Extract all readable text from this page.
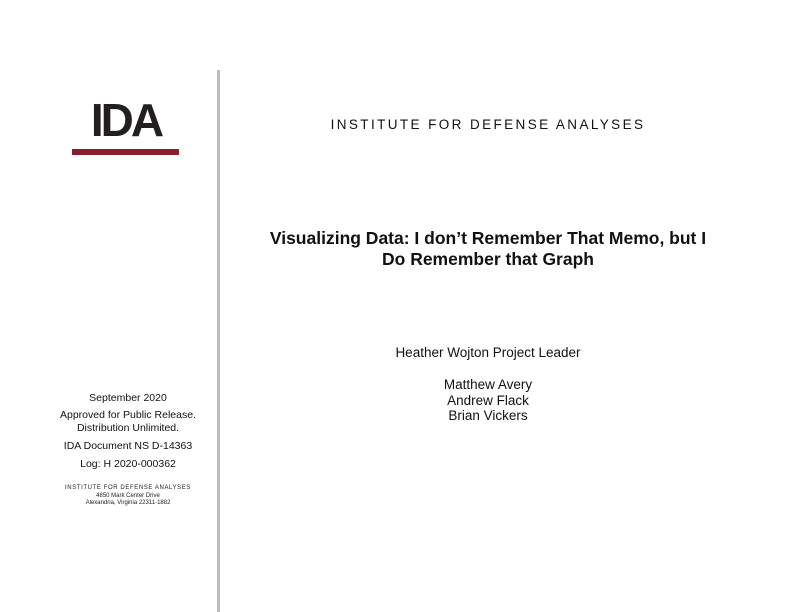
IDA
September 2020
Approved for Public Release.
Distribution Unlimited.
IDA Document NS D-14363
Log: H 2020-000362
INSTITUTE FOR DEFENSE ANALYSES
4850 Mark Center Drive
Alexandria, Virginia 22311-1882
INSTITUTE FOR DEFENSE ANALYSES
Visualizing Data: I don’t Remember That Memo, but I
Do Remember that Graph
Heather Wojton Project Leader
Matthew Avery
Andrew Flack
Brian Vickers
